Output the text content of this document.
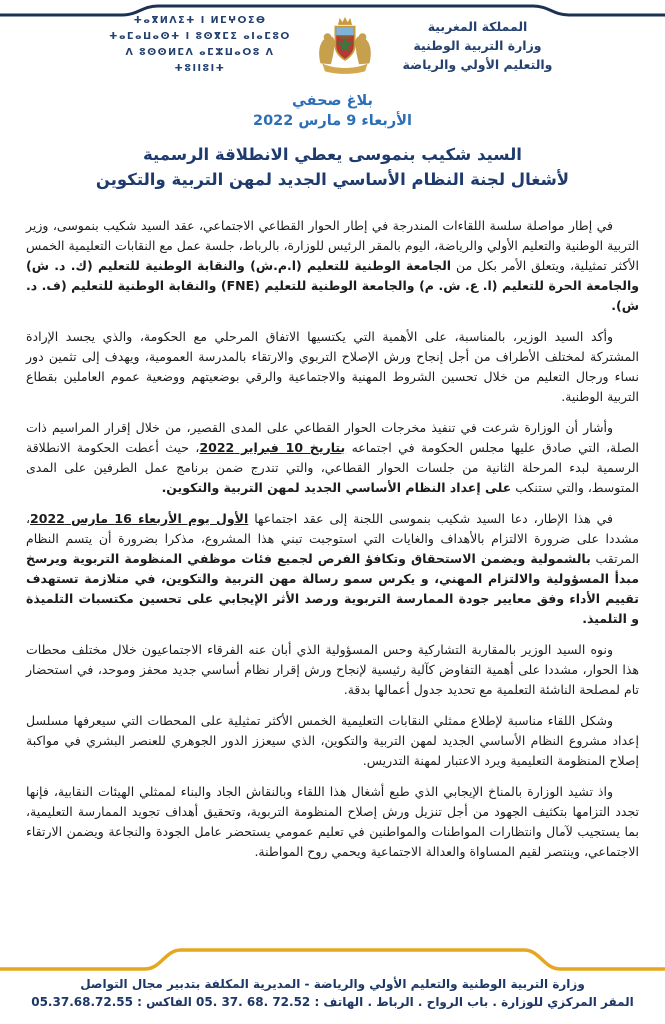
ⵜⴰⴳⵍⴷⵉⵜ ⵏ ⵍⵎⵖⵔⵉⴱ
ⵜⴰⵎⴰⵡⴰⵙⵜ ⵏ ⵓⵙⴳⵎⵉ ⴰⵏⴰⵎⵓⵔ
ⴷ ⵓⵙⵙⵍⵎⴷ ⴰⵎⵣⵡⴰⵔⵓ ⴷ ⵜⵓⵏⵏⵓⵏⵜ
المملكة المغربية
وزارة التربية الوطنية
والتعليم الأولي والرياضة
بلاغ صحفي
الأربعاء 9 مارس 2022
السيد شكيب بنموسى يعطي الانطلاقة الرسمية
لأشغال لجنة النظام الأساسي الجديد لمهن التربية والتكوين

في إطار مواصلة سلسة اللقاءات المندرجة في إطار الحوار القطاعي الاجتماعي، عقد السيد شكيب بنموسى، وزير التربية الوطنية والتعليم الأولي والرياضة، اليوم بالمقر الرئيس للوزارة، بالرباط، جلسة عمل مع النقابات التعليمية الخمس الأكثر تمثيلية، ويتعلق الأمر بكل من الجامعة الوطنية للتعليم (ا.م.ش) والنقابة الوطنية للتعليم (ك. د. ش) والجامعة الحرة للتعليم (ا. ع. ش. م) والجامعة الوطنية للتعليم (FNE) والنقابة الوطنية للتعليم (ف. د. ش).

وأكد السيد الوزير، بالمناسبة، على الأهمية التي يكتسيها الاتفاق المرحلي مع الحكومة، والذي يجسد الإرادة المشتركة لمختلف الأطراف من أجل إنجاح ورش الإصلاح التربوي والارتقاء بالمدرسة العمومية، ويهدف إلى تثمين دور نساء ورجال التعليم من خلال تحسين الشروط المهنية والاجتماعية والرقي بوضعيتهم ووضعية عموم العاملين بقطاع التربية الوطنية.

وأشار أن الوزارة شرعت في تنفيذ مخرجات الحوار القطاعي على المدى القصير، من خلال إقرار المراسيم ذات الصلة، التي صادق عليها مجلس الحكومة في اجتماعه بتاريخ 10 فبراير 2022، حيث أعطت الحكومة الانطلاقة الرسمية لبدء المرحلة الثانية من جلسات الحوار القطاعي، والتي تندرج ضمن برنامج عمل الطرفين على المدى المتوسط، والتي ستنكب على إعداد النظام الأساسي الجديد لمهن التربية والتكوين.

في هذا الإطار، دعا السيد شكيب بنموسى اللجنة إلى عقد اجتماعها الأول يوم الأربعاء 16 مارس 2022، مشددا على ضرورة الالتزام بالأهداف والغايات التي استوجبت تبني هذا المشروع، مذكرا بضرورة أن يتسم النظام المرتقب بالشمولية ويضمن الاستحقاق وتكافؤ الفرص لجميع فئات موظفي المنظومة التربوية ويرسخ مبدأ المسؤولية والالتزام المهني، و يكرس سمو رسالة مهن التربية والتكوين، في متلازمة تستهدف تقييم الأداء وفق معايير جودة الممارسة التربوية ورصد الأثر الإيجابي على تحسين مكتسبات التلميذة و التلميذ.

ونوه السيد الوزير بالمقاربة التشاركية وحس المسؤولية الذي أبان عنه الفرقاء الاجتماعيون خلال مختلف محطات هذا الحوار، مشددا على أهمية التفاوض كآلية رئيسية لإنجاح ورش إقرار نظام أساسي جديد محفز وموحد، في استحضار تام لمصلحة الناشئة التعلمية مع تحديد جدول أعمالها بدقة.

وشكل اللقاء مناسبة لإطلاع ممثلي النقابات التعليمية الخمس الأكثر تمثيلية على المحطات التي سيعرفها مسلسل إعداد مشروع النظام الأساسي الجديد لمهن التربية والتكوين، الذي سيعزز الدور الجوهري للعنصر البشري في مواكبة إصلاح المنظومة التعليمية ويرد الاعتبار لمهنة التدريس.

واذ تشيد الوزارة بالمناخ الإيجابي الذي طبع أشغال هذا اللقاء وبالنقاش الجاد والبناء لممثلي الهيئات النقابية، فإنها تجدد التزامها بتكثيف الجهود من أجل تنزيل ورش إصلاح المنظومة التربوية، وتحقيق أهداف تجويد الممارسة التعليمية، بما يستجيب لآمال وانتظارات المواطنات والمواطنين في تعليم عمومي يستحضر عامل الجودة والنجاعة ويضمن الارتقاء الاجتماعي، وينتصر لقيم المساواة والعدالة الاجتماعية ويحمي روح المواطنة.

وزارة التربية الوطنية والتعليم الأولي والرياضة - المديرية المكلفة بتدبير مجال التواصل
المقر المركزي للوزارة . باب الرواح . الرباط . الهاتف : 05. 37. 68. 72.52 الفاكس : 05.37.68.72.55
